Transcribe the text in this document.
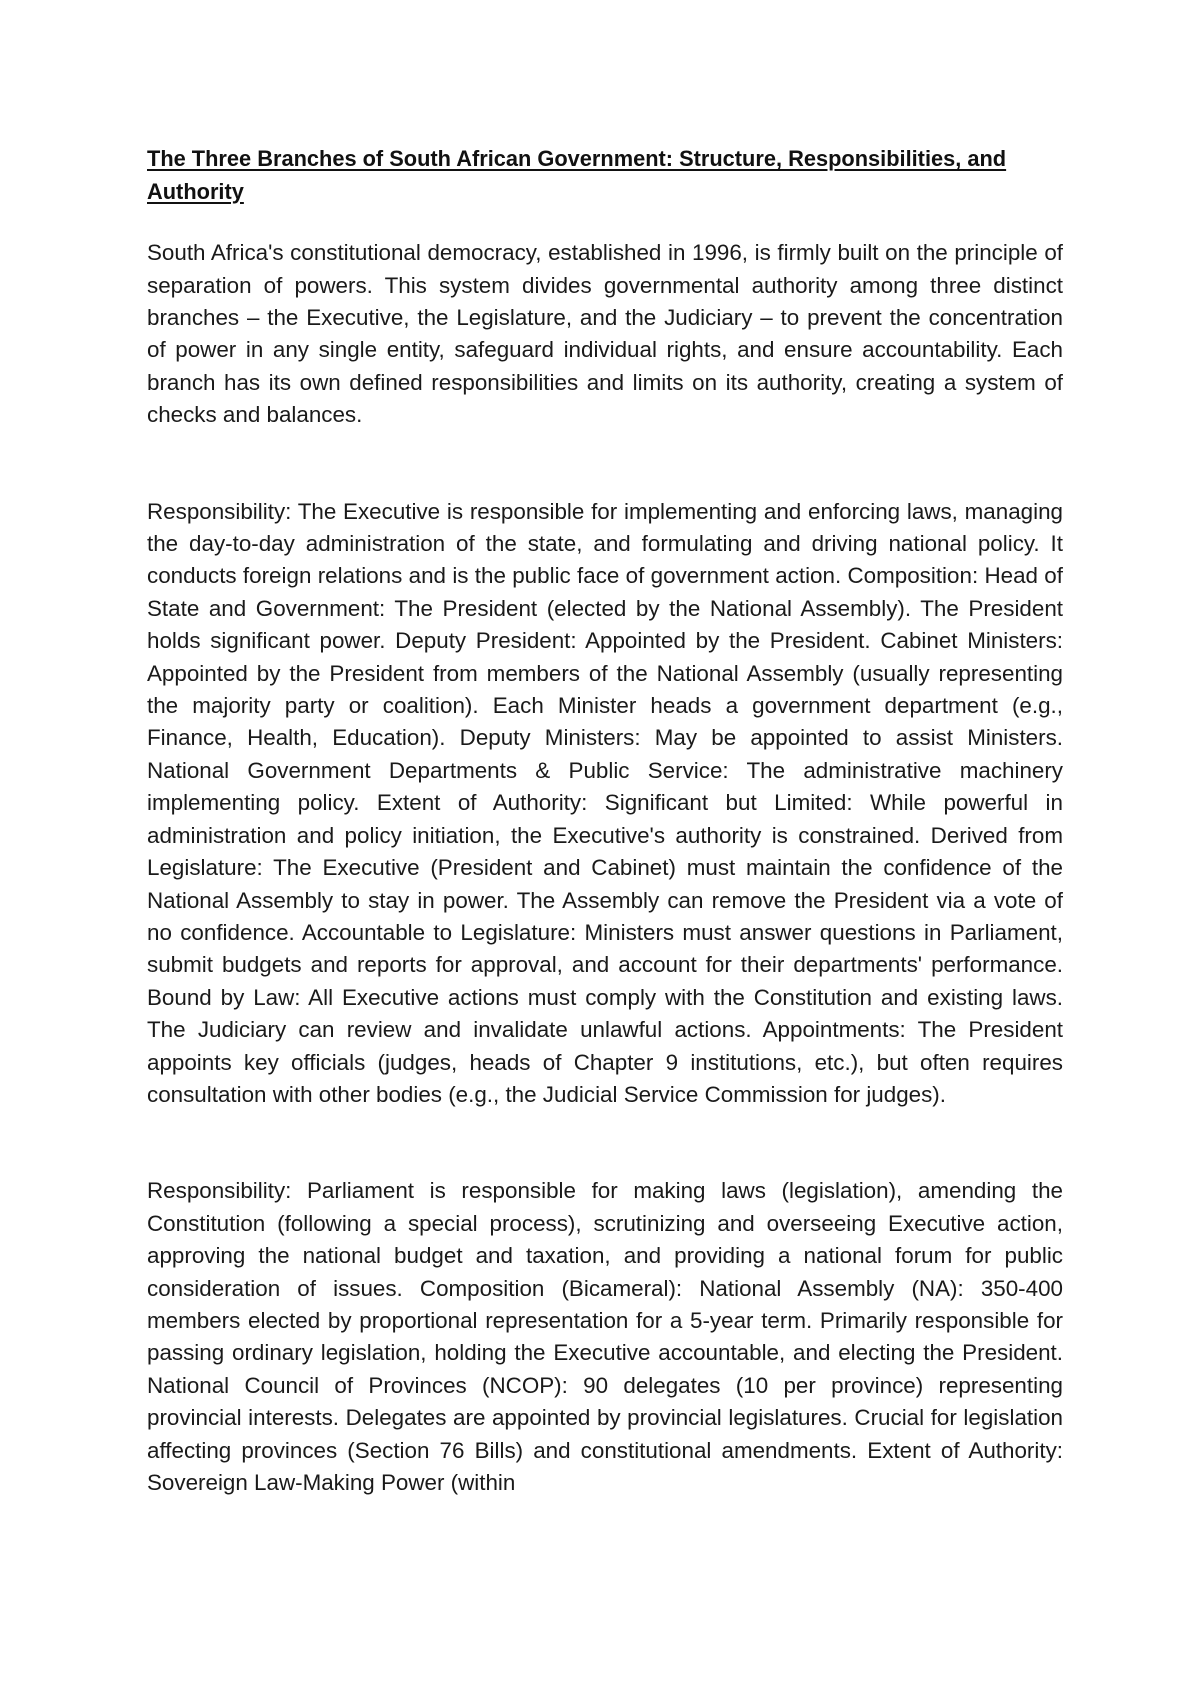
The Three Branches of South African Government: Structure, Responsibilities, and Authority

South Africa's constitutional democracy, established in 1996, is firmly built on the principle of separation of powers. This system divides governmental authority among three distinct branches – the Executive, the Legislature, and the Judiciary – to prevent the concentration of power in any single entity, safeguard individual rights, and ensure accountability. Each branch has its own defined responsibilities and limits on its authority, creating a system of checks and balances.

Responsibility: The Executive is responsible for implementing and enforcing laws, managing the day-to-day administration of the state, and formulating and driving national policy. It conducts foreign relations and is the public face of government action. Composition: Head of State and Government: The President (elected by the National Assembly). The President holds significant power. Deputy President: Appointed by the President. Cabinet Ministers: Appointed by the President from members of the National Assembly (usually representing the majority party or coalition). Each Minister heads a government department (e.g., Finance, Health, Education). Deputy Ministers: May be appointed to assist Ministers. National Government Departments & Public Service: The administrative machinery implementing policy. Extent of Authority: Significant but Limited: While powerful in administration and policy initiation, the Executive's authority is constrained. Derived from Legislature: The Executive (President and Cabinet) must maintain the confidence of the National Assembly to stay in power. The Assembly can remove the President via a vote of no confidence. Accountable to Legislature: Ministers must answer questions in Parliament, submit budgets and reports for approval, and account for their departments' performance. Bound by Law: All Executive actions must comply with the Constitution and existing laws. The Judiciary can review and invalidate unlawful actions. Appointments: The President appoints key officials (judges, heads of Chapter 9 institutions, etc.), but often requires consultation with other bodies (e.g., the Judicial Service Commission for judges).

Responsibility: Parliament is responsible for making laws (legislation), amending the Constitution (following a special process), scrutinizing and overseeing Executive action, approving the national budget and taxation, and providing a national forum for public consideration of issues. Composition (Bicameral): National Assembly (NA): 350-400 members elected by proportional representation for a 5-year term. Primarily responsible for passing ordinary legislation, holding the Executive accountable, and electing the President. National Council of Provinces (NCOP): 90 delegates (10 per province) representing provincial interests. Delegates are appointed by provincial legislatures. Crucial for legislation affecting provinces (Section 76 Bills) and constitutional amendments. Extent of Authority: Sovereign Law-Making Power (within
